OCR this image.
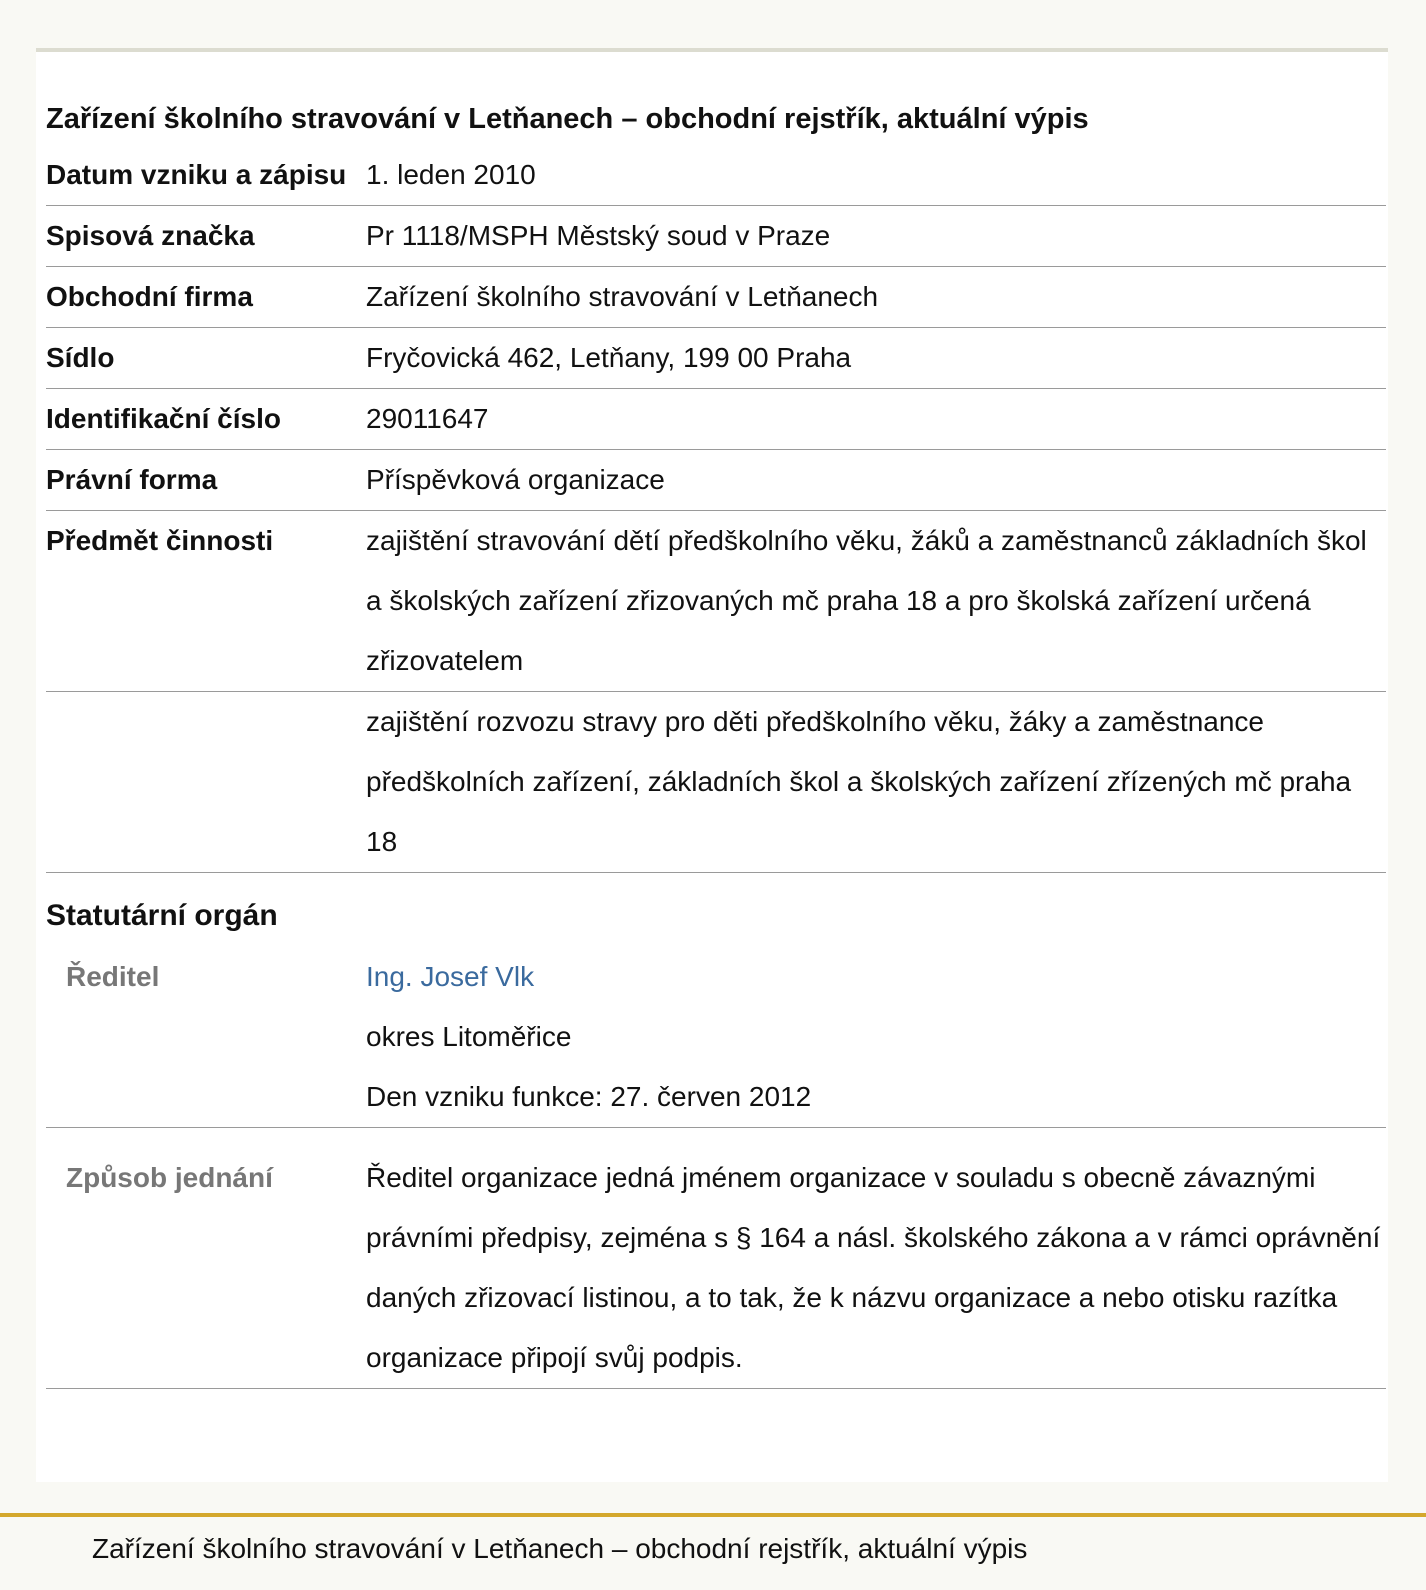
Zařízení školního stravování v Letňanech – obchodní rejstřík, aktuální výpis
Datum vzniku a zápisu	1. leden 2010
Spisová značka	Pr 1118/MSPH Městský soud v Praze
Obchodní firma	Zařízení školního stravování v Letňanech
Sídlo	Fryčovická 462, Letňany, 199 00 Praha
Identifikační číslo	29011647
Právní forma	Příspěvková organizace
Předmět činnosti	zajištění stravování dětí předškolního věku, žáků a zaměstnanců základních škol a školských zařízení zřizovaných mč praha 18 a pro školská zařízení určená zřizovatelem
	zajištění rozvozu stravy pro děti předškolního věku, žáky a zaměstnance předškolních zařízení, základních škol a školských zařízení zřízených mč praha 18
Statutární orgán
Ředitel	Ing. Josef Vlk
okres Litoměřice
Den vzniku funkce: 27. červen 2012

Způsob jednání	Ředitel organizace jedná jménem organizace v souladu s obecně závaznými právními předpisy, zejména s § 164 a násl. školského zákona a v rámci oprávnění daných zřizovací listinou, a to tak, že k názvu organizace a nebo otisku razítka organizace připojí svůj podpis.
Zařízení školního stravování v Letňanech – obchodní rejstřík, aktuální výpis
